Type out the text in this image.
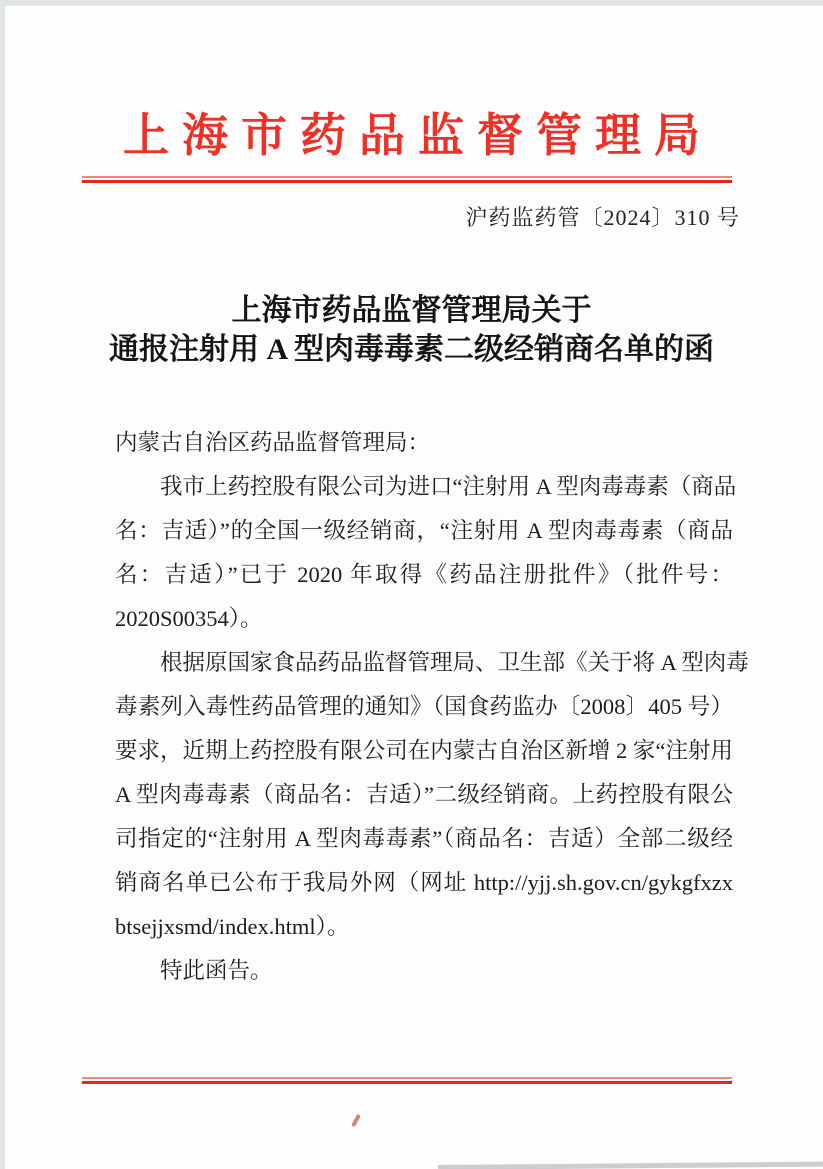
上海市药品监督管理局
沪药监药管〔2024〕310 号
上海市药品监督管理局关于
通报注射用 A 型肉毒毒素二级经销商名单的函
内蒙古自治区药品监督管理局：
我市上药控股有限公司为进口“注射用 A 型肉毒毒素（商品
名：吉适）”的全国一级经销商，“注射用 A 型肉毒毒素（商品
名：吉适）”已于 2020 年取得《药品注册批件》（批件号：
2020S00354）。
根据原国家食品药品监督管理局、卫生部《关于将 A 型肉毒
毒素列入毒性药品管理的通知》（国食药监办〔2008〕405 号）
要求，近期上药控股有限公司在内蒙古自治区新增 2 家“注射用
A 型肉毒毒素（商品名：吉适）”二级经销商。上药控股有限公
司指定的“注射用 A 型肉毒毒素”（商品名：吉适）全部二级经
销商名单已公布于我局外网（网址 http://yjj.sh.gov.cn/gykgfxzx
btsejjxsmd/index.html）。
特此函告。
